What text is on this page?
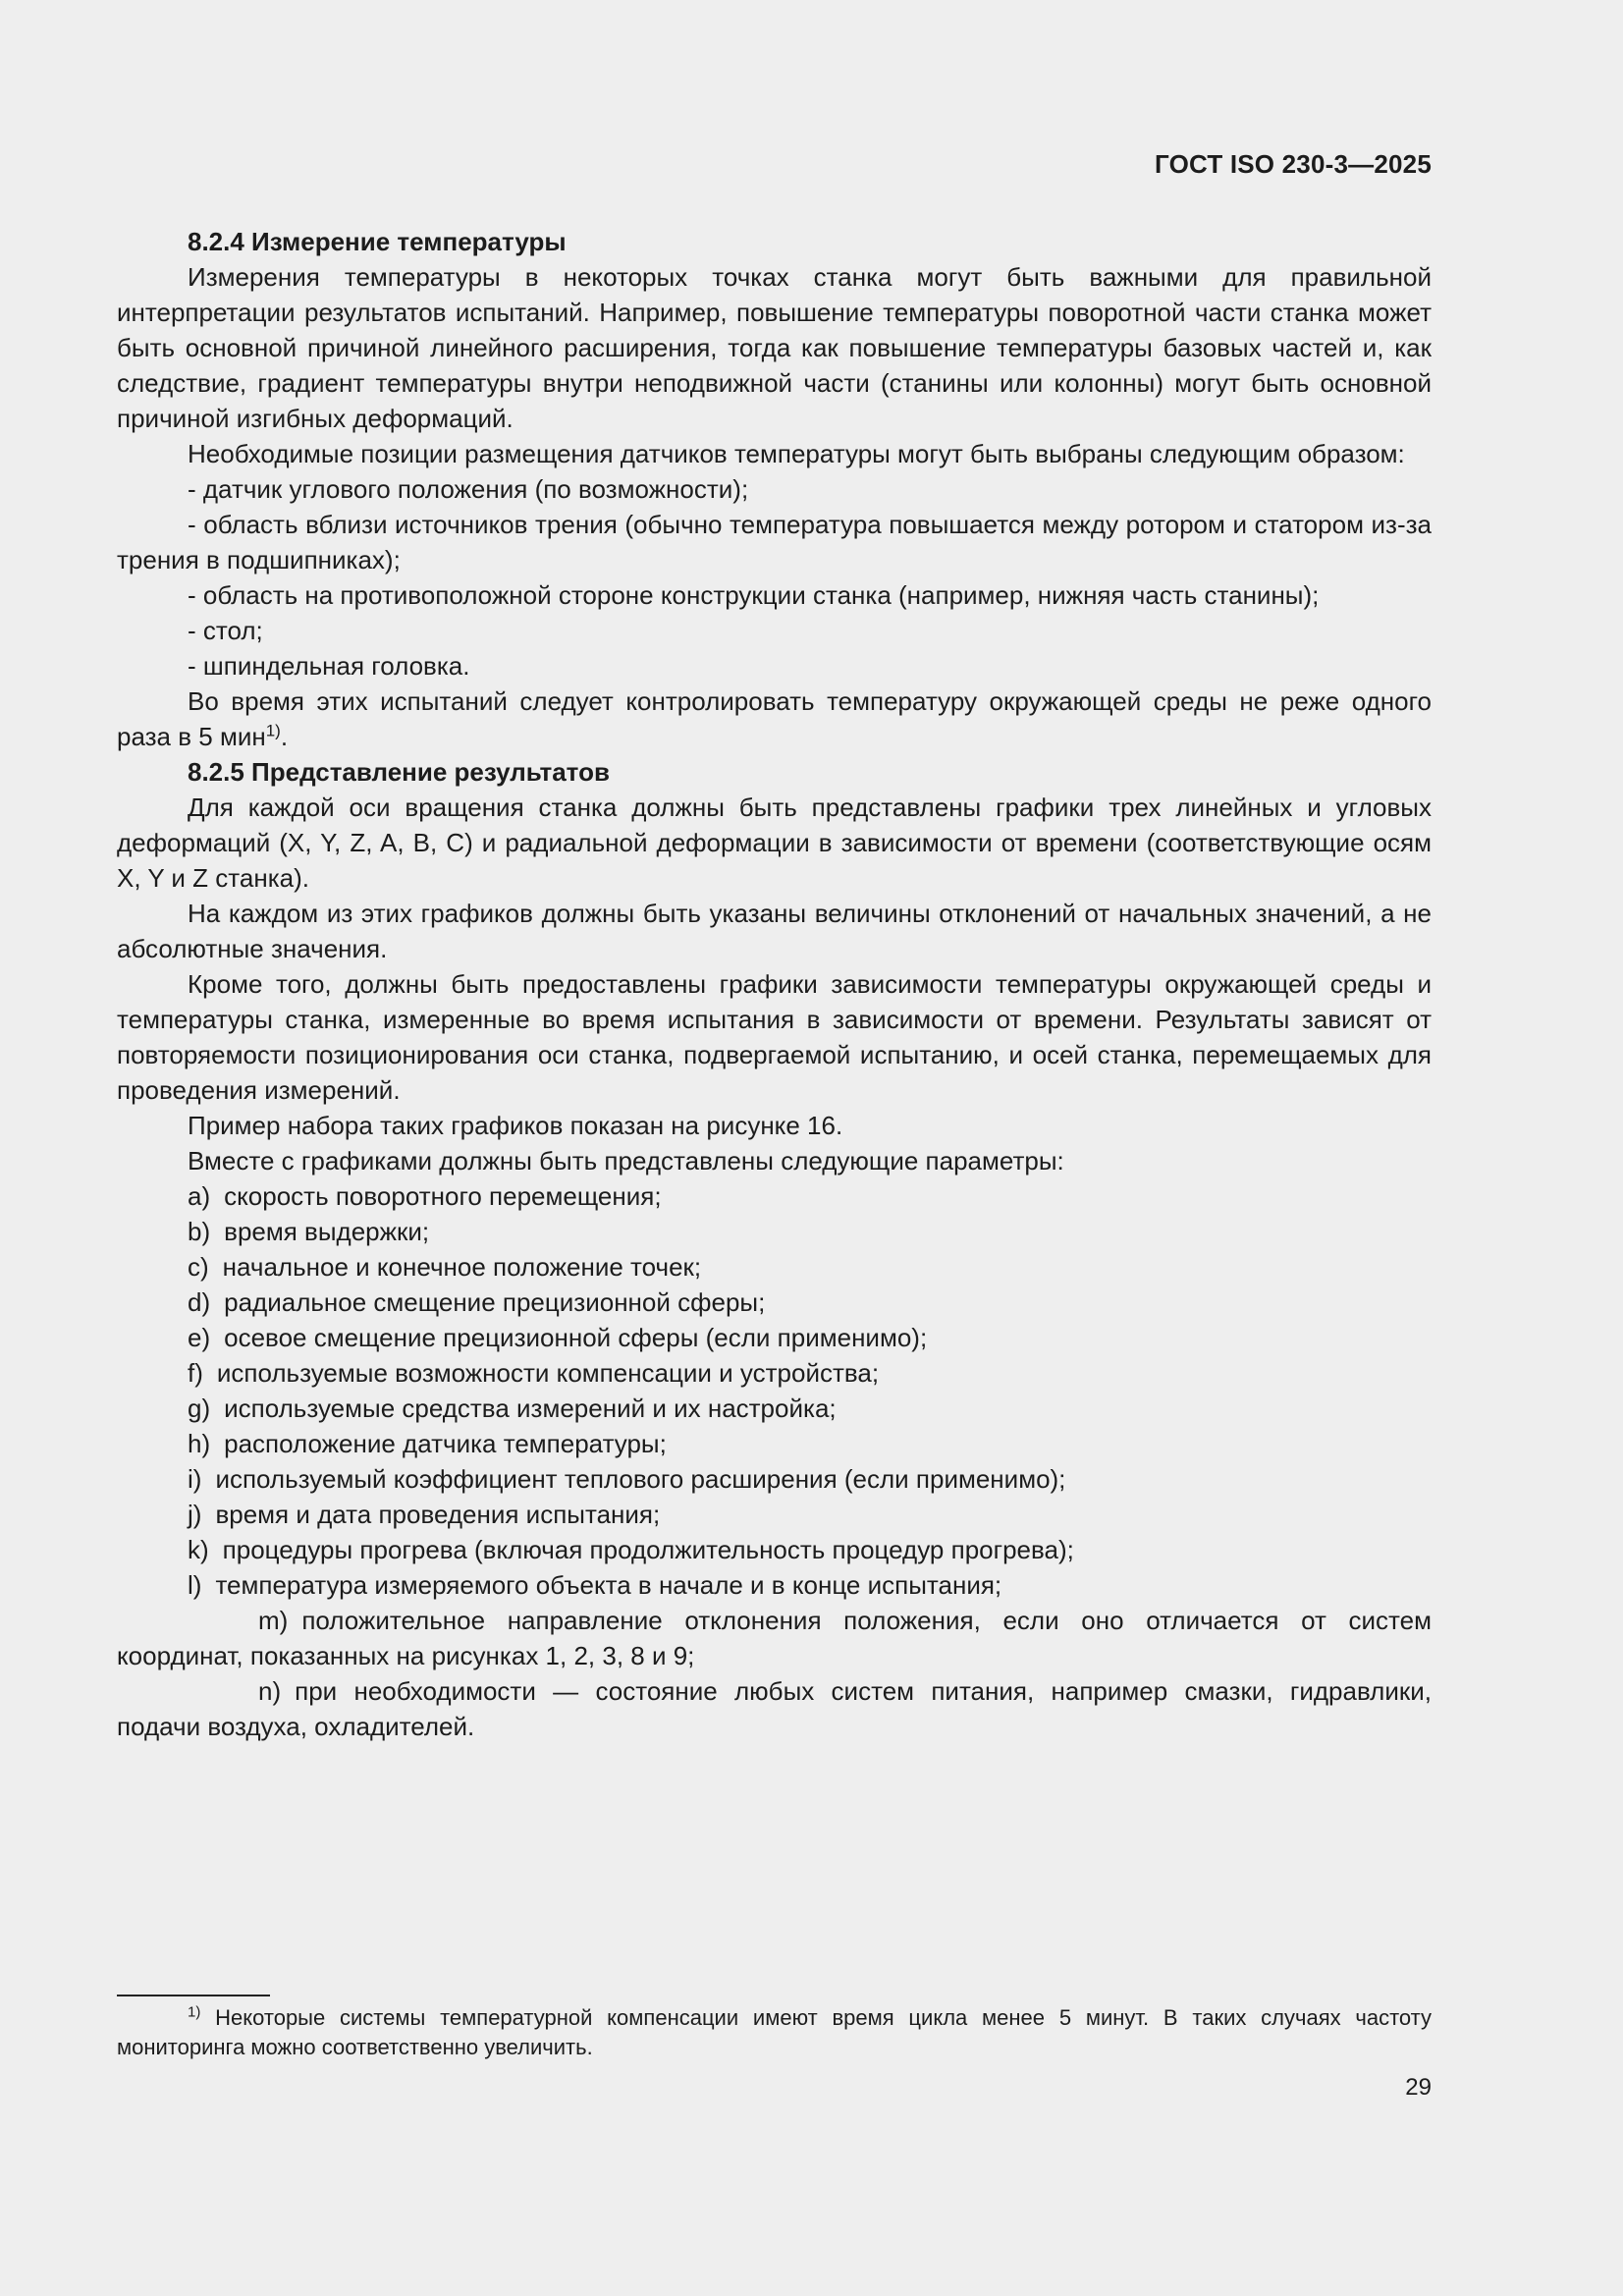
ГОСТ ISO 230-3—2025

8.2.4 Измерение температуры

Измерения температуры в некоторых точках станка могут быть важными для правильной интерпретации результатов испытаний. Например, повышение температуры поворотной части станка может быть основной причиной линейного расширения, тогда как повышение температуры базовых частей и, как следствие, градиент температуры внутри неподвижной части (станины или колонны) могут быть основной причиной изгибных деформаций.

Необходимые позиции размещения датчиков температуры могут быть выбраны следующим образом:

- датчик углового положения (по возможности);

- область вблизи источников трения (обычно температура повышается между ротором и статором из-за трения в подшипниках);

- область на противоположной стороне конструкции станка (например, нижняя часть станины);

- стол;

- шпиндельная головка.

Во время этих испытаний следует контролировать температуру окружающей среды не реже одного раза в 5 мин$^{1)}$.

8.2.5 Представление результатов

Для каждой оси вращения станка должны быть представлены графики трех линейных и угловых деформаций (X, Y, Z, A, B, C) и радиальной деформации в зависимости от времени (соответствующие осям X, Y и Z станка).

На каждом из этих графиков должны быть указаны величины отклонений от начальных значений, а не абсолютные значения.

Кроме того, должны быть предоставлены графики зависимости температуры окружающей среды и температуры станка, измеренные во время испытания в зависимости от времени. Результаты зависят от повторяемости позиционирования оси станка, подвергаемой испытанию, и осей станка, перемещаемых для проведения измерений.

Пример набора таких графиков показан на рисунке 16.

Вместе с графиками должны быть представлены следующие параметры:

a) скорость поворотного перемещения;

b) время выдержки;

c) начальное и конечное положение точек;

d) радиальное смещение прецизионной сферы;

e) осевое смещение прецизионной сферы (если применимо);

f) используемые возможности компенсации и устройства;

g) используемые средства измерений и их настройка;

h) расположение датчика температуры;

i) используемый коэффициент теплового расширения (если применимо);

j) время и дата проведения испытания;

k) процедуры прогрева (включая продолжительность процедур прогрева);

l) температура измеряемого объекта в начале и в конце испытания;

m) положительное направление отклонения положения, если оно отличается от систем координат, показанных на рисунках 1, 2, 3, 8 и 9;

n) при необходимости — состояние любых систем питания, например смазки, гидравлики, подачи воздуха, охладителей.

$^{1)}$ Некоторые системы температурной компенсации имеют время цикла менее 5 минут. В таких случаях частоту мониторинга можно соответственно увеличить.
29
